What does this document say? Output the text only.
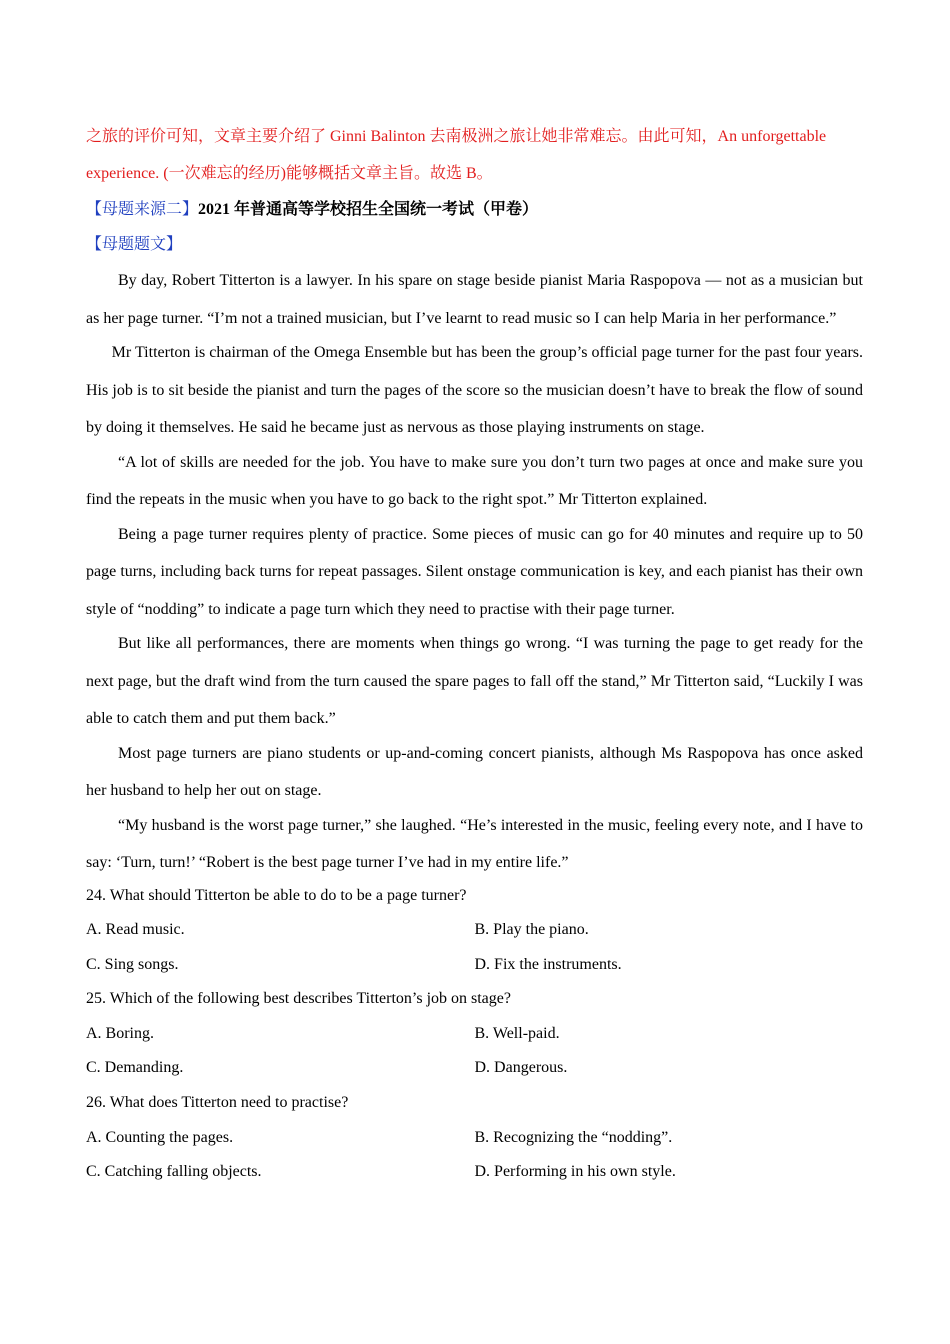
之旅的评价可知，文章主要介绍了 Ginni Balinton 去南极洲之旅让她非常难忘。由此可知，An unforgettable

experience. (一次难忘的经历)能够概括文章主旨。故选 B。

【母题来源二】2021 年普通高等学校招生全国统一考试（甲卷）

【母题题文】

By day, Robert Titterton is a lawyer. In his spare on stage beside pianist Maria Raspopova — not as a musician but as her page turner. “I’m not a trained musician, but I’ve learnt to read music so I can help Maria in her performance.”

Mr Titterton is chairman of the Omega Ensemble but has been the group’s official page turner for the past four years. His job is to sit beside the pianist and turn the pages of the score so the musician doesn’t have to break the flow of sound by doing it themselves. He said he became just as nervous as those playing instruments on stage.

“A lot of skills are needed for the job. You have to make sure you don’t turn two pages at once and make sure you find the repeats in the music when you have to go back to the right spot.” Mr Titterton explained.

Being a page turner requires plenty of practice. Some pieces of music can go for 40 minutes and require up to 50 page turns, including back turns for repeat passages. Silent onstage communication is key, and each pianist has their own style of “nodding” to indicate a page turn which they need to practise with their page turner.

But like all performances, there are moments when things go wrong. “I was turning the page to get ready for the next page, but the draft wind from the turn caused the spare pages to fall off the stand,” Mr Titterton said, “Luckily I was able to catch them and put them back.”

Most page turners are piano students or up-and-coming concert pianists, although Ms Raspopova has once asked her husband to help her out on stage.

“My husband is the worst page turner,” she laughed. “He’s interested in the music, feeling every note, and I have to say: ‘Turn, turn!’ “Robert is the best page turner I’ve had in my entire life.”

24. What should Titterton be able to do to be a page turner?

A. Read music.	B. Play the piano.
C. Sing songs.	D. Fix the instruments.

25. Which of the following best describes Titterton’s job on stage?

A. Boring.	B. Well-paid.
C. Demanding.	D. Dangerous.

26. What does Titterton need to practise?

A. Counting the pages.	B. Recognizing the “nodding”.
C. Catching falling objects.	D. Performing in his own style.
